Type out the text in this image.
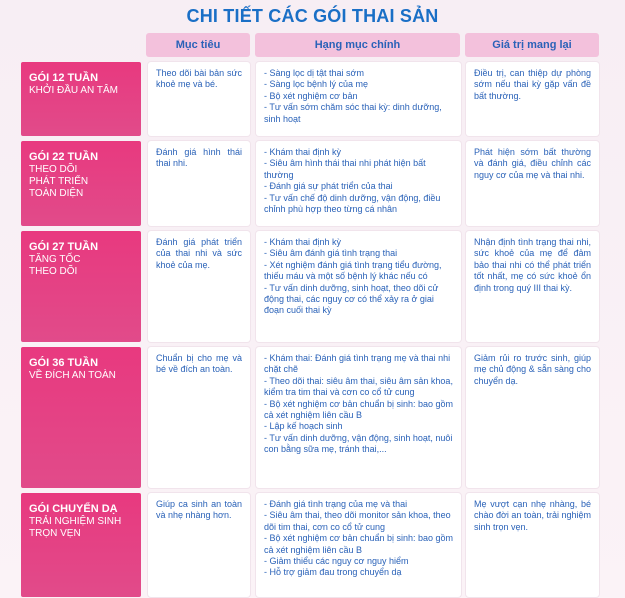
CHI TIẾT CÁC GÓI THAI SẢN
Mục tiêu	Hạng mục chính	Giá trị mang lại
GÓI 12 TUẦN
KHỞI ĐẦU AN TÂM
Theo dõi bài bản sức khoẻ mẹ và bé.
- Sàng lọc dị tật thai sớm
- Sàng lọc bệnh lý của mẹ
- Bộ xét nghiệm cơ bản
- Tư vấn sớm chăm sóc thai kỳ: dinh dưỡng, sinh hoạt
Điều trị, can thiệp dự phòng sớm nếu thai kỳ gặp vấn đề bất thường.
GÓI 22 TUẦN
THEO DÕI
PHÁT TRIỂN
TOÀN DIỆN
Đánh giá hình thái thai nhi.
- Khám thai định kỳ
- Siêu âm hình thái thai nhi phát hiện bất thường
- Đánh giá sự phát triển của thai
- Tư vấn chế độ dinh dưỡng, vận động, điều chỉnh phù hợp theo từng cá nhân
Phát hiện sớm bất thường và đánh giá, điều chỉnh các nguy cơ của mẹ và thai nhi.
GÓI 27 TUẦN
TĂNG TỐC
THEO DÕI
Đánh giá phát triển của thai nhi và sức khoẻ của mẹ.
- Khám thai định kỳ
- Siêu âm đánh giá tình trạng thai
- Xét nghiệm đánh giá tình trạng tiểu đường, thiếu máu và một số bệnh lý khác nếu có
- Tư vấn dinh dưỡng, sinh hoạt, theo dõi cử động thai, các nguy cơ có thể xảy ra ở giai đoạn cuối thai kỳ
Nhận định tình trạng thai nhi, sức khoẻ của mẹ để đảm bảo thai nhi có thể phát triển tốt nhất, mẹ có sức khoẻ ổn định trong quý III thai kỳ.
GÓI 36 TUẦN
VỀ ĐÍCH AN TOÀN
Chuẩn bị cho mẹ và bé về đích an toàn.
- Khám thai: Đánh giá tình trạng mẹ và thai nhi chặt chẽ
- Theo dõi thai: siêu âm thai, siêu âm sản khoa, kiểm tra tim thai và cơn co cổ tử cung
- Bộ xét nghiệm cơ bản chuẩn bị sinh: bao gồm cả xét nghiệm liên cầu B
- Lập kế hoạch sinh
- Tư vấn dinh dưỡng, vận động, sinh hoạt, nuôi con bằng sữa mẹ, tránh thai,...
Giảm rủi ro trước sinh, giúp mẹ chủ động & sẵn sàng cho chuyển dạ.
GÓI CHUYỂN DẠ
TRẢI NGHIỆM SINH
TRỌN VẸN
Giúp ca sinh an toàn và nhẹ nhàng hơn.
- Đánh giá tình trạng của mẹ và thai
- Siêu âm thai, theo dõi monitor sản khoa, theo dõi tim thai, cơn co cổ tử cung
- Bộ xét nghiệm cơ bản chuẩn bị sinh: bao gồm cả xét nghiệm liên cầu B
- Giảm thiểu các nguy cơ nguy hiểm
- Hỗ trợ giảm đau trong chuyển dạ
Mẹ vượt cạn nhẹ nhàng, bé chào đời an toàn, trải nghiệm sinh trọn vẹn.
